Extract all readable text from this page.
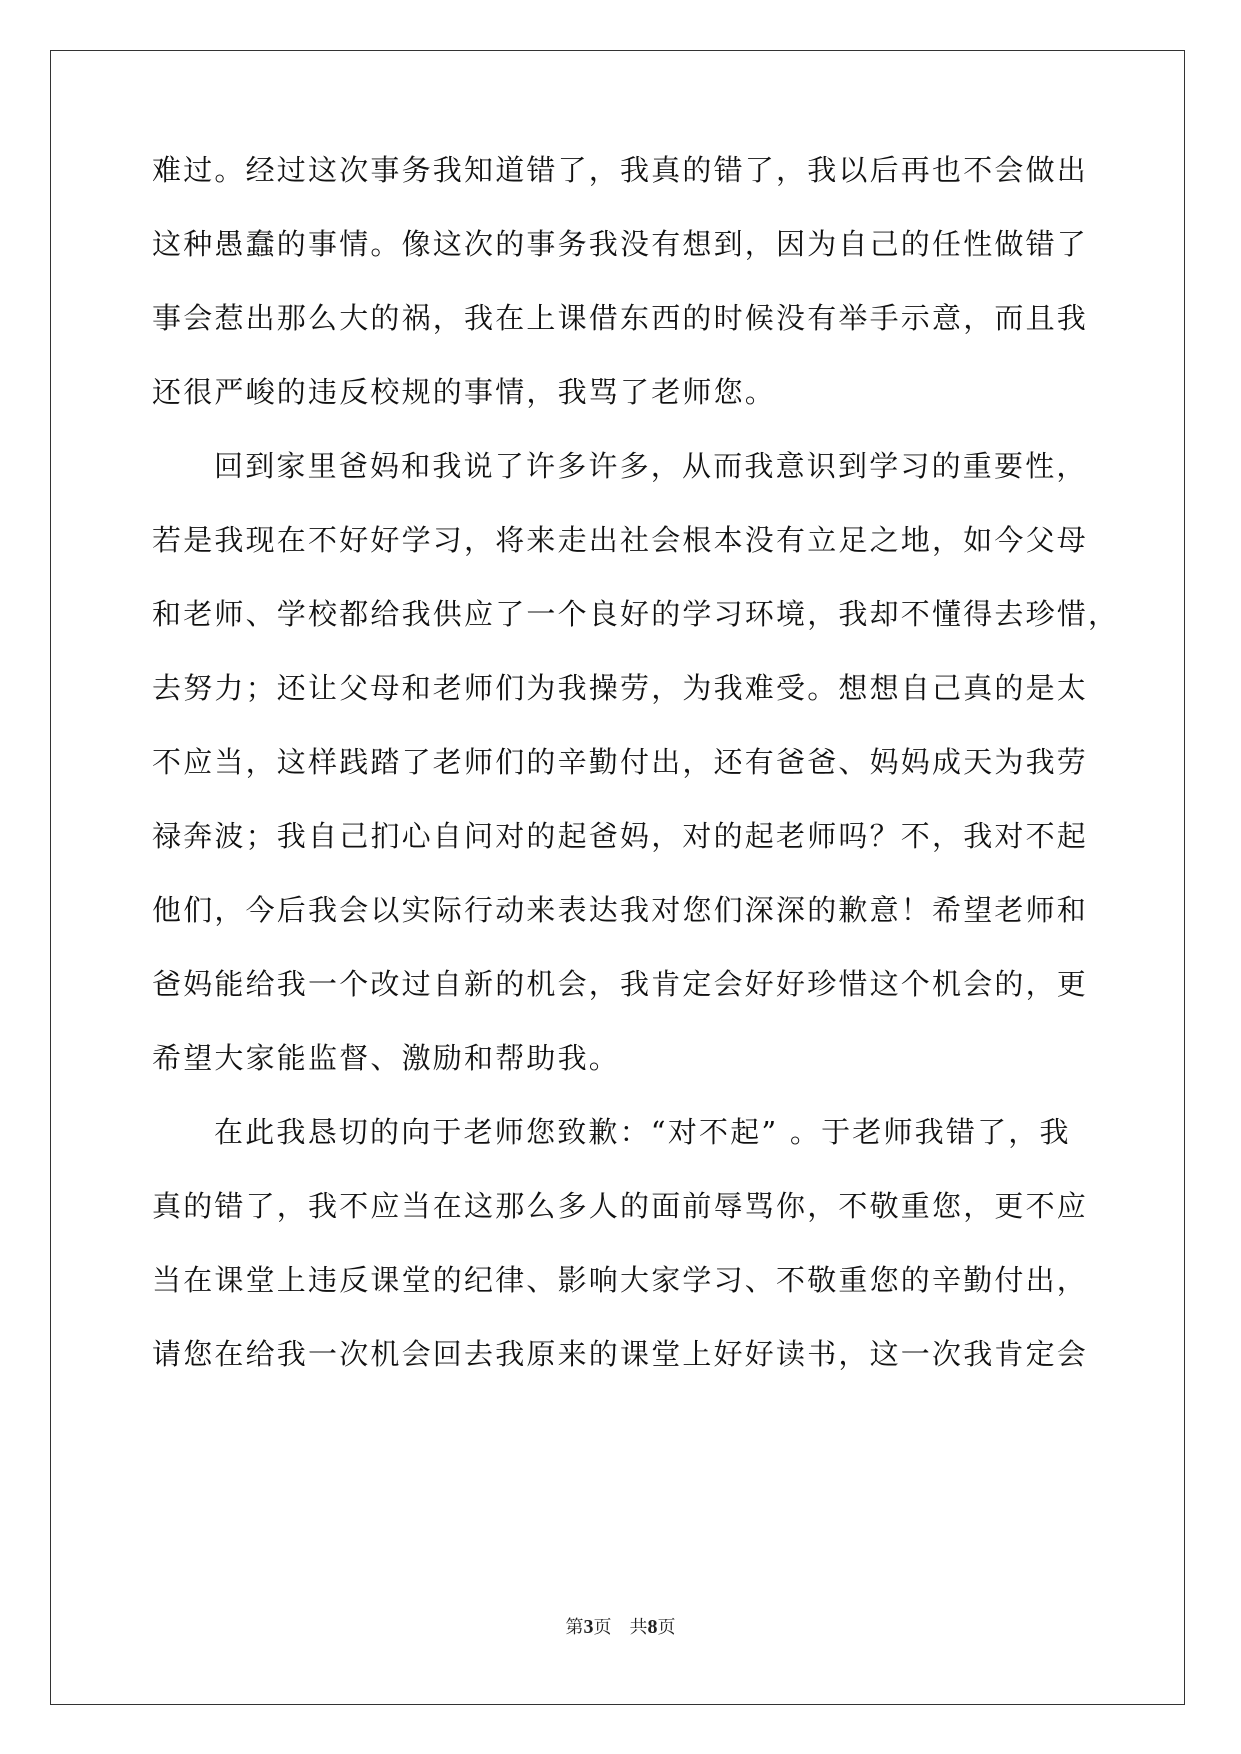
难过。经过这次事务我知道错了，我真的错了，我以后再也不会做出
这种愚蠢的事情。像这次的事务我没有想到，因为自己的任性做错了
事会惹出那么大的祸，我在上课借东西的时候没有举手示意，而且我
还很严峻的违反校规的事情，我骂了老师您。
回到家里爸妈和我说了许多许多，从而我意识到学习的重要性，
若是我现在不好好学习，将来走出社会根本没有立足之地，如今父母
和老师、学校都给我供应了一个良好的学习环境，我却不懂得去珍惜，
去努力；还让父母和老师们为我操劳，为我难受。想想自己真的是太
不应当，这样践踏了老师们的辛勤付出，还有爸爸、妈妈成天为我劳
禄奔波；我自己扪心自问对的起爸妈，对的起老师吗？不，我对不起
他们，今后我会以实际行动来表达我对您们深深的歉意！希望老师和
爸妈能给我一个改过自新的机会，我肯定会好好珍惜这个机会的，更
希望大家能监督、激励和帮助我。
在此我恳切的向于老师您致歉：“对不起” 。于老师我错了，我
真的错了，我不应当在这那么多人的面前辱骂你，不敬重您，更不应
当在课堂上违反课堂的纪律、影响大家学习、不敬重您的辛勤付出，
请您在给我一次机会回去我原来的课堂上好好读书，这一次我肯定会
第3页 共8页
